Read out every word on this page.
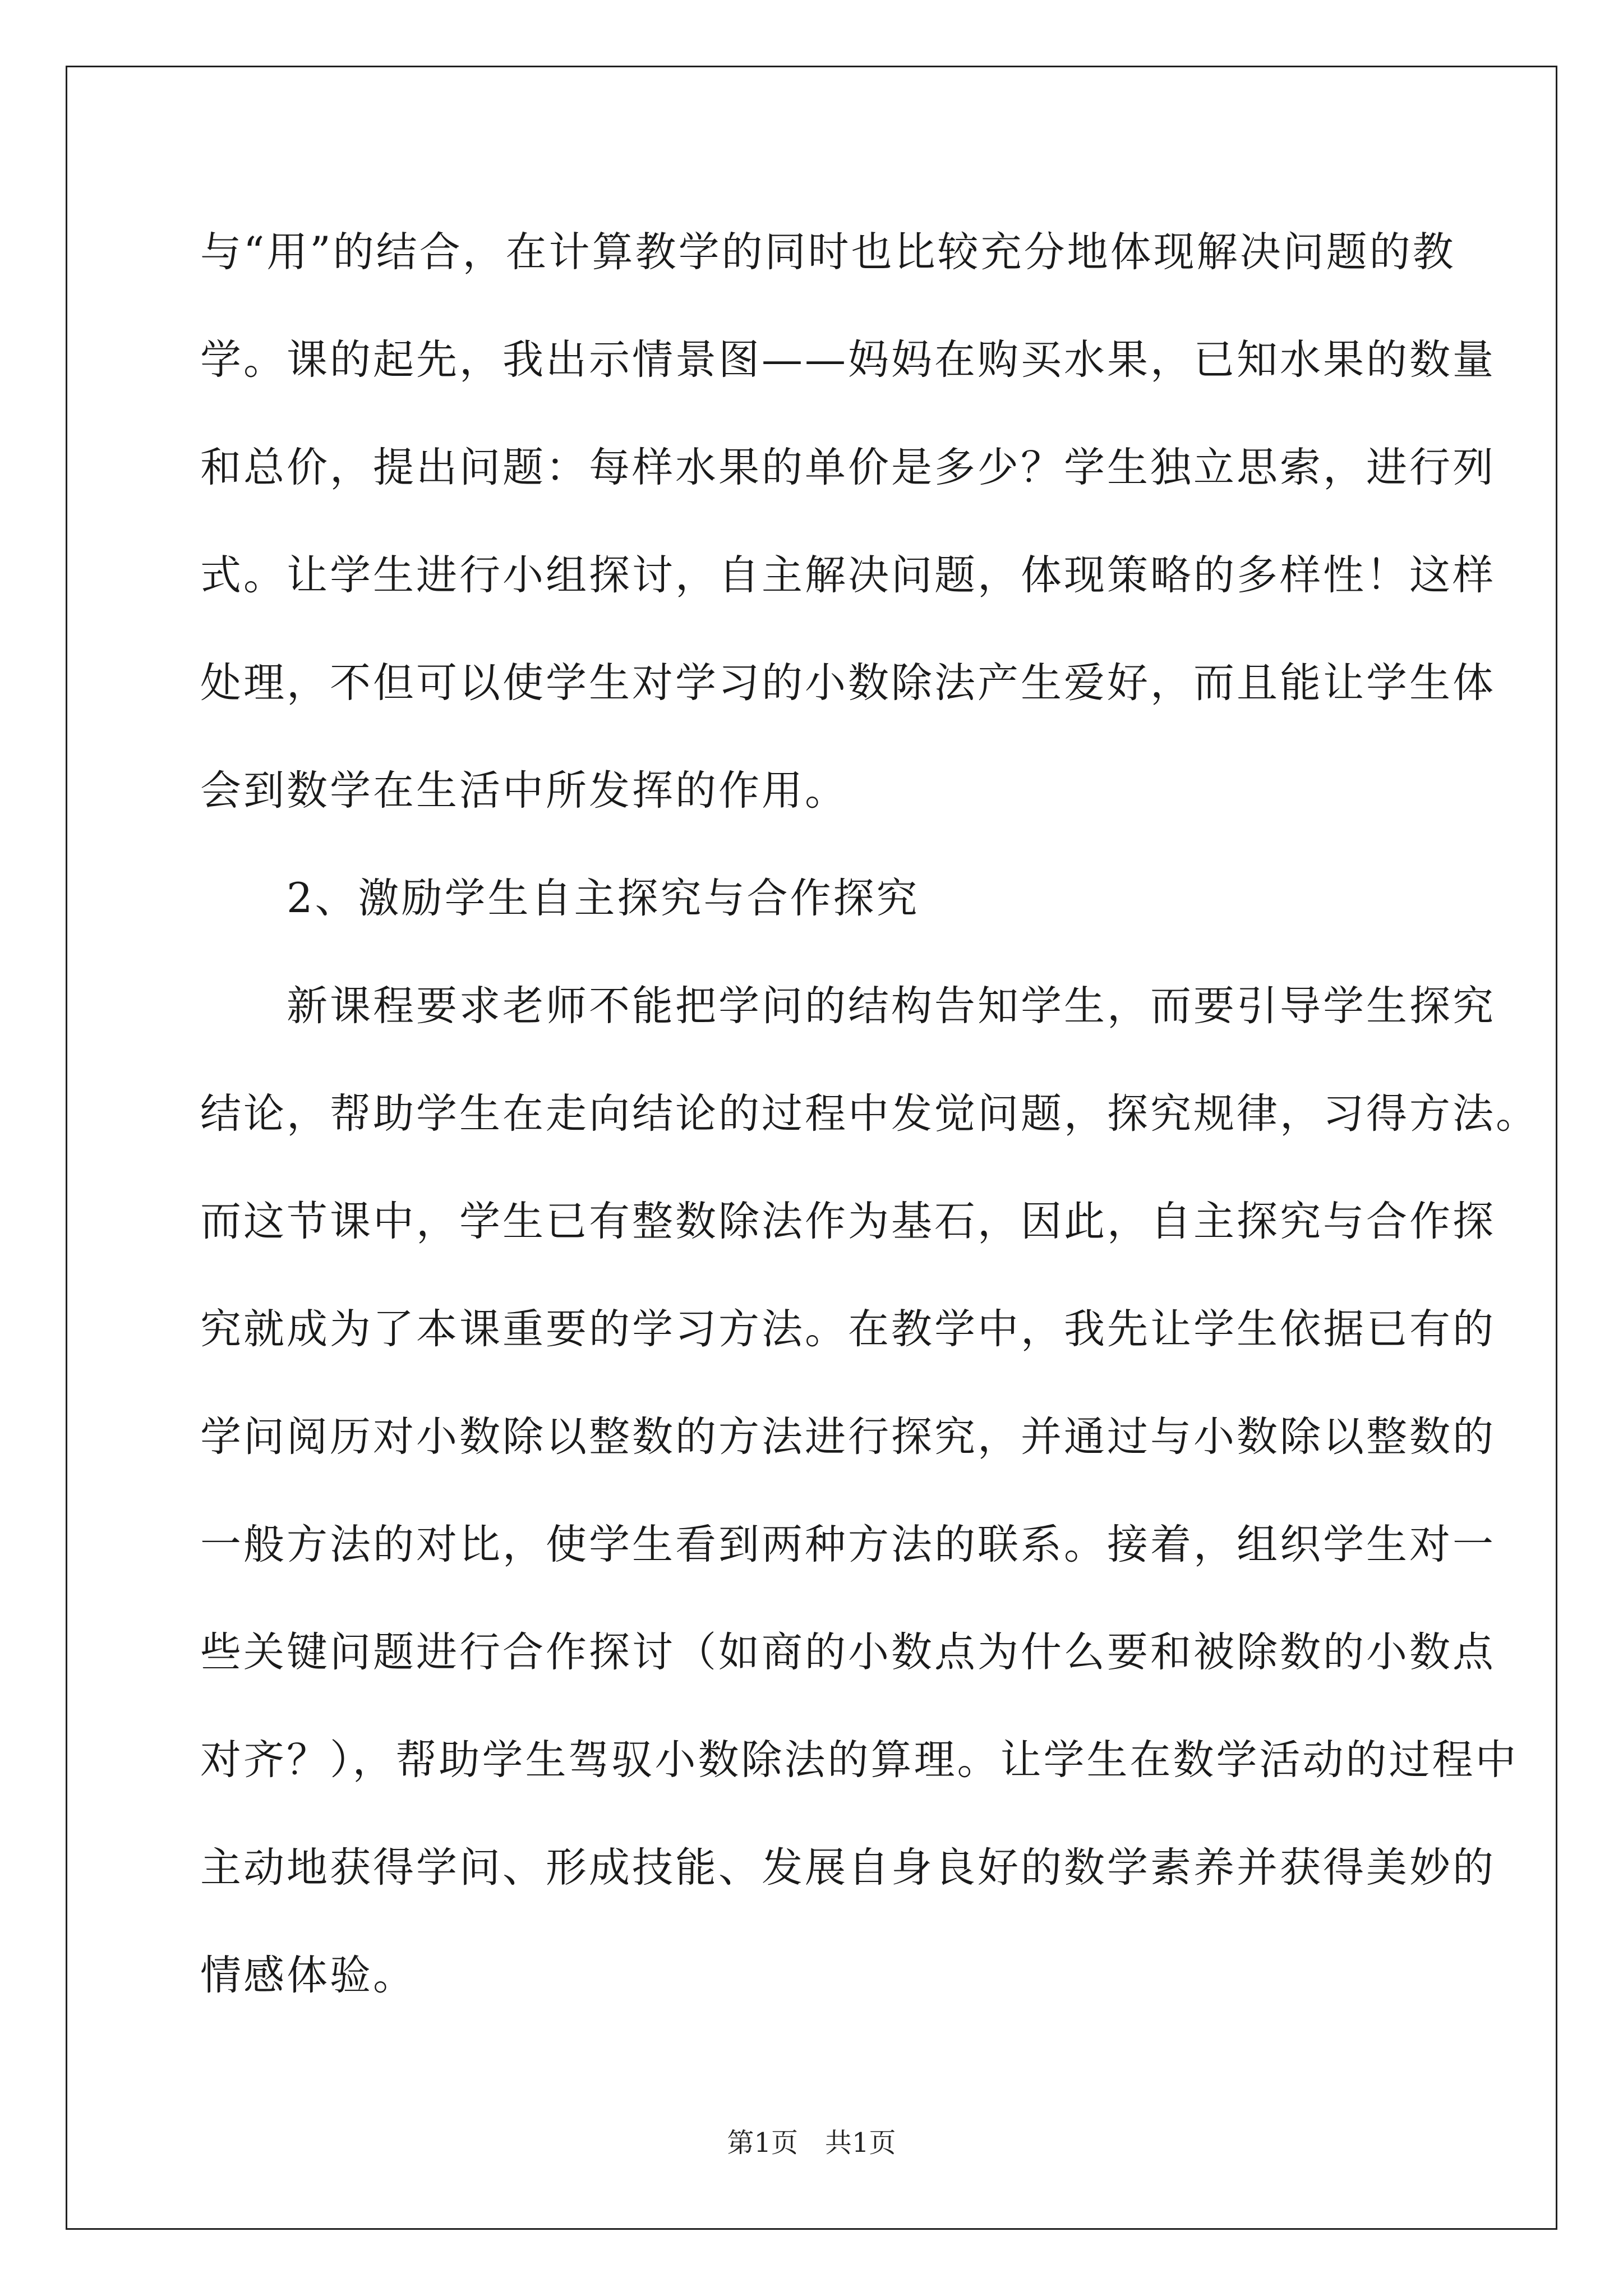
与“用”的结合，在计算教学的同时也比较充分地体现解决问题的教
学。课的起先，我出示情景图——妈妈在购买水果，已知水果的数量
和总价，提出问题：每样水果的单价是多少？学生独立思索，进行列
式。让学生进行小组探讨，自主解决问题，体现策略的多样性！这样
处理，不但可以使学生对学习的小数除法产生爱好，而且能让学生体
会到数学在生活中所发挥的作用。
　　2、激励学生自主探究与合作探究
　　新课程要求老师不能把学问的结构告知学生，而要引导学生探究
结论，帮助学生在走向结论的过程中发觉问题，探究规律，习得方法。
而这节课中，学生已有整数除法作为基石，因此，自主探究与合作探
究就成为了本课重要的学习方法。在教学中，我先让学生依据已有的
学问阅历对小数除以整数的方法进行探究，并通过与小数除以整数的
一般方法的对比，使学生看到两种方法的联系。接着，组织学生对一
些关键问题进行合作探讨（如商的小数点为什么要和被除数的小数点
对齐？），帮助学生驾驭小数除法的算理。让学生在数学活动的过程中
主动地获得学问、形成技能、发展自身良好的数学素养并获得美妙的
情感体验。
第1页　共1页
